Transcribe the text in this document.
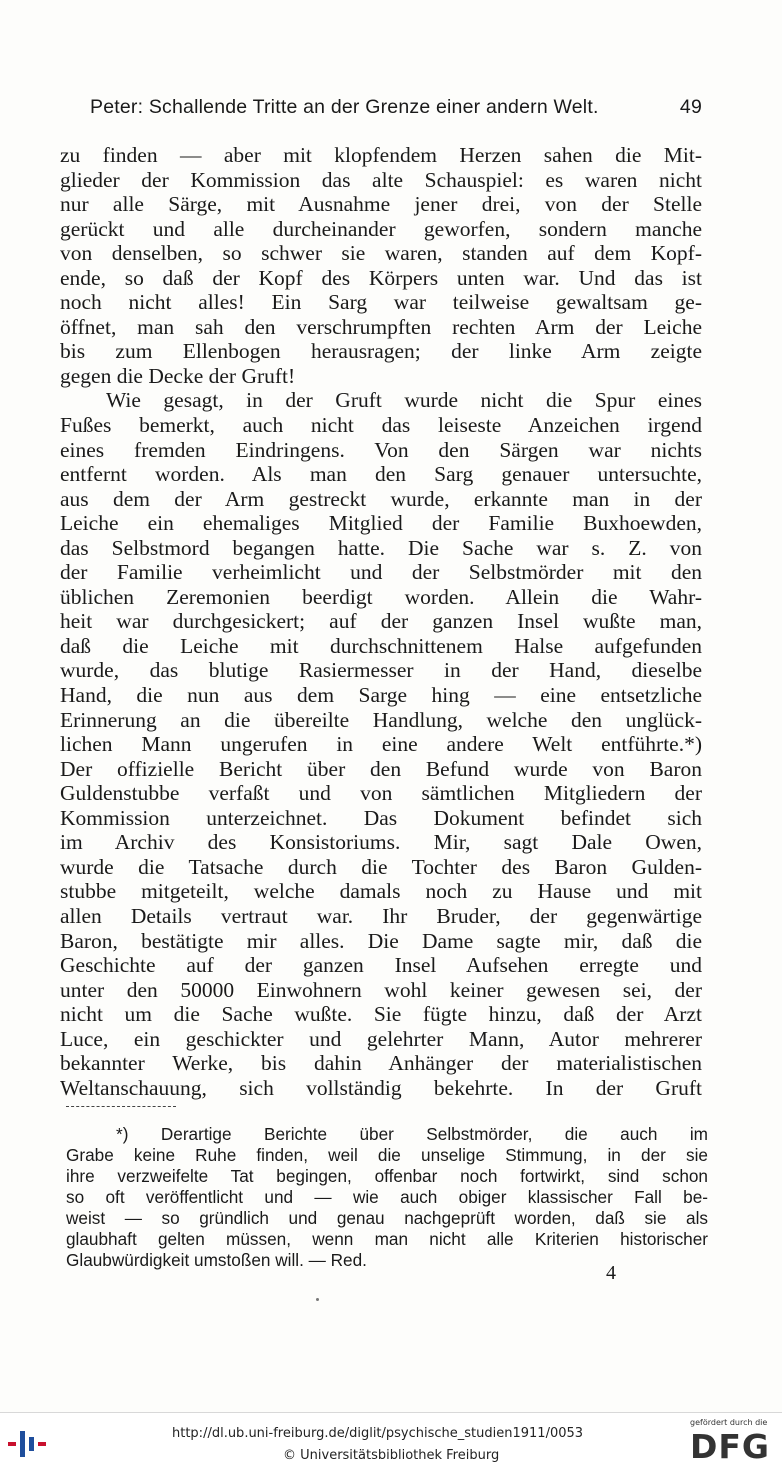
Peter: Schallende Tritte an der Grenze einer andern Welt.	49
zu finden — aber mit klopfendem Herzen sahen die Mit-
glieder der Kommission das alte Schauspiel: es waren nicht
nur alle Särge, mit Ausnahme jener drei, von der Stelle
gerückt und alle durcheinander geworfen, sondern manche
von denselben, so schwer sie waren, standen auf dem Kopf-
ende, so daß der Kopf des Körpers unten war. Und das ist
noch nicht alles! Ein Sarg war teilweise gewaltsam ge-
öffnet, man sah den verschrumpften rechten Arm der Leiche
bis zum Ellenbogen herausragen; der linke Arm zeigte
gegen die Decke der Gruft!
Wie gesagt, in der Gruft wurde nicht die Spur eines
Fußes bemerkt, auch nicht das leiseste Anzeichen irgend
eines fremden Eindringens. Von den Särgen war nichts
entfernt worden. Als man den Sarg genauer untersuchte,
aus dem der Arm gestreckt wurde, erkannte man in der
Leiche ein ehemaliges Mitglied der Familie Buxhoewden,
das Selbstmord begangen hatte. Die Sache war s. Z. von
der Familie verheimlicht und der Selbstmörder mit den
üblichen Zeremonien beerdigt worden. Allein die Wahr-
heit war durchgesickert; auf der ganzen Insel wußte man,
daß die Leiche mit durchschnittenem Halse aufgefunden
wurde, das blutige Rasiermesser in der Hand, dieselbe
Hand, die nun aus dem Sarge hing — eine entsetzliche
Erinnerung an die übereilte Handlung, welche den unglück-
lichen Mann ungerufen in eine andere Welt entführte.*)
Der offizielle Bericht über den Befund wurde von Baron
Guldenstubbe verfaßt und von sämtlichen Mitgliedern der
Kommission unterzeichnet. Das Dokument befindet sich
im Archiv des Konsistoriums. Mir, sagt Dale Owen,
wurde die Tatsache durch die Tochter des Baron Gulden-
stubbe mitgeteilt, welche damals noch zu Hause und mit
allen Details vertraut war. Ihr Bruder, der gegenwärtige
Baron, bestätigte mir alles. Die Dame sagte mir, daß die
Geschichte auf der ganzen Insel Aufsehen erregte und
unter den 50000 Einwohnern wohl keiner gewesen sei, der
nicht um die Sache wußte. Sie fügte hinzu, daß der Arzt
Luce, ein geschickter und gelehrter Mann, Autor mehrerer
bekannter Werke, bis dahin Anhänger der materialistischen
Weltanschauung, sich vollständig bekehrte. In der Gruft
*) Derartige Berichte über Selbstmörder, die auch im
Grabe keine Ruhe finden, weil die unselige Stimmung, in der sie
ihre verzweifelte Tat begingen, offenbar noch fortwirkt, sind schon
so oft veröffentlicht und — wie auch obiger klassischer Fall be-
weist — so gründlich und genau nachgeprüft worden, daß sie als
glaubhaft gelten müssen, wenn man nicht alle Kriterien historischer
Glaubwürdigkeit umstoßen will. — Red.
4
http://dl.ub.uni-freiburg.de/diglit/psychische_studien1911/0053
© Universitätsbibliothek Freiburg
gefördert durch die
DFG
